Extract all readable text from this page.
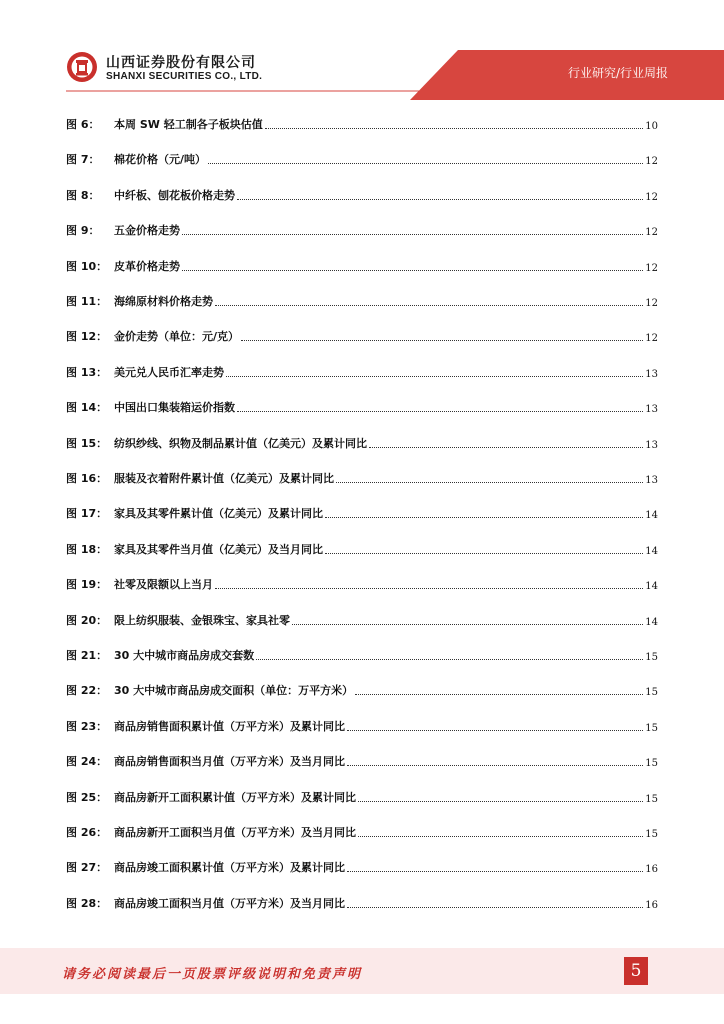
山西证券股份有限公司
SHANXI SECURITIES CO., LTD.	行业研究/行业周报
图 6：	本周 SW 轻工制各子板块估值	10
图 7：	棉花价格（元/吨）	12
图 8：	中纤板、刨花板价格走势	12
图 9：	五金价格走势	12
图 10： 皮革价格走势	12
图 11： 海绵原材料价格走势	12
图 12： 金价走势（单位：元/克）	12
图 13： 美元兑人民币汇率走势	13
图 14： 中国出口集装箱运价指数	13
图 15： 纺织纱线、织物及制品累计值（亿美元）及累计同比	13
图 16： 服装及衣着附件累计值（亿美元）及累计同比	13
图 17： 家具及其零件累计值（亿美元）及累计同比	14
图 18： 家具及其零件当月值（亿美元）及当月同比	14
图 19： 社零及限额以上当月	14
图 20： 限上纺织服装、金银珠宝、家具社零	14
图 21： 30 大中城市商品房成交套数	15
图 22： 30 大中城市商品房成交面积（单位：万平方米）	15
图 23： 商品房销售面积累计值（万平方米）及累计同比	15
图 24： 商品房销售面积当月值（万平方米）及当月同比	15
图 25： 商品房新开工面积累计值（万平方米）及累计同比	15
图 26： 商品房新开工面积当月值（万平方米）及当月同比	15
图 27： 商品房竣工面积累计值（万平方米）及累计同比	16
图 28： 商品房竣工面积当月值（万平方米）及当月同比	16
请务必阅读最后一页股票评级说明和免责声明	5
